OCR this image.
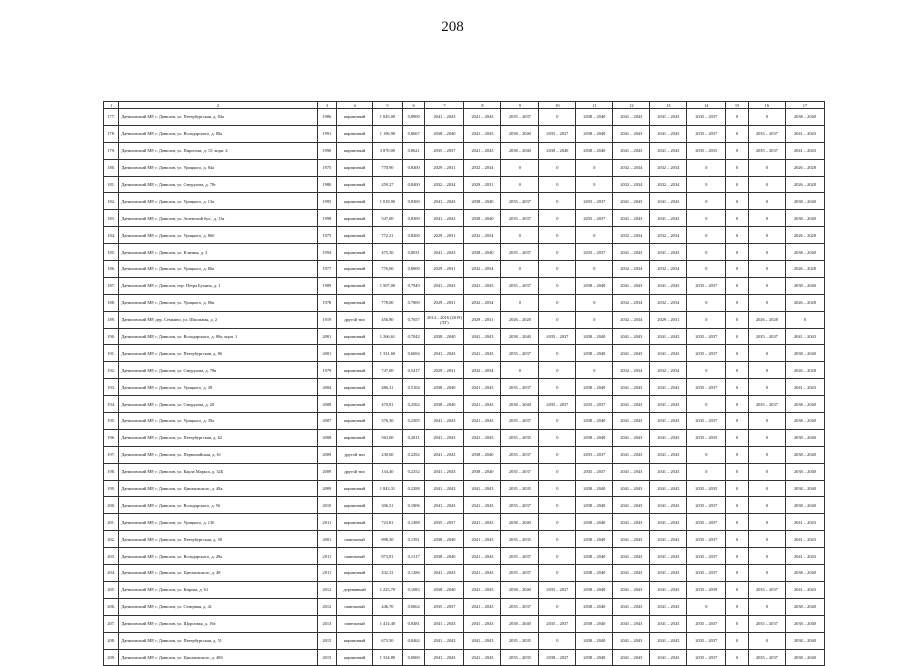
208
1	2	3	4	5	6	7	8	9	10	11	12	13	14	15	16	17
177.	Даниловский МР, г. Данилов, ул. Петербургская, д. 84а	1986	кирпичный	1 045,00	0,8900	2041 – 2043	2041 – 2043	2035 – 2037	0	2038 – 2040	2041 – 2043	2041 – 2043	2035 – 2037	0	0	2038 – 2040
178.	Даниловский МР, г. Данилов, ул. Володарского, д. 80а	1991	кирпичный	1 196,90	0,8667	2038 – 2040	2041 – 2043	2038 – 2040	2035 – 2037	2038 – 2040	2041 – 2043	2041 – 2043	2035 – 2037	0	2035 – 2037	2041 – 2043
179.	Даниловский МР, г. Данилов, ул. Пирогова, д. 15, корп. 2	1990	кирпичный	3 870,00	0,8621	2035 – 2037	2041 – 2043	2038 – 2040	2038 – 2040	2038 – 2040	2041 – 2043	2041 – 2043	2035 – 2035	0	2035 – 2037	2041 – 2043
180.	Даниловский МР, г. Данилов, ул. Урицкого, д. 84а	1975	кирпичный	770,90	0,8400	2029 – 2031	2032 – 2034	0	0	0	2032 – 2034	2032 – 2034	0	0	0	2026 – 2028
181.	Даниловский МР, г. Данилов, ул. Свердлова, д. 78г	1980	кирпичный	459,27	0,8400	2032 – 2034	2029 – 2031	0	0	0	2032 – 2034	2032 – 2034	0	0	0	2026 – 2028
182.	Даниловский МР, г. Данилов, ул. Урицкого, д. 13а	1995	кирпичный	1 018,90	0,8300	2041 – 2043	2038 – 2040	2035 – 2037	0	2035 – 2037	2041 – 2043	2041 – 2043	0	0	0	2038 – 2040
183.	Даниловский МР, г. Данилов, ул. Зеленский бул., д. 13а	1998	кирпичный	547,00	0,8300	2041 – 2043	2038 – 2040	2035 – 2037	0	2035 – 2037	2041 – 2043	2041 – 2043	0	0	0	2038 – 2040
184.	Даниловский МР, г. Данилов, ул. Урицкого, д. 86б	1975	кирпичный	772,21	0,8200	2029 – 2031	2032 – 2034	0	0	0	2032 – 2034	2032 – 2034	0	0	0	2026 – 2028
185.	Даниловский МР, г. Данилов, ул. Клизмы, д. 3	1994	кирпичный	475,30	0,8031	2041 – 2043	2038 – 2040	2035 – 2037	0	2035 – 2037	2041 – 2043	2041 – 2043	0	0	0	2038 – 2040
186.	Даниловский МР, г. Данилов, ул. Урицкого, д. 86а	1977	кирпичный	776,00	0,8000	2029 – 2031	2032 – 2034	0	0	0	2032 – 2034	2032 – 2034	0	0	0	2026 – 2028
187.	Даниловский МР, г. Данилов, пер. Петра Бухина, д. 1	1989	кирпичный	1 507,00	0,7949	2041 – 2043	2041 – 2043	2035 – 2037	0	2038 – 2040	2041 – 2043	2041 – 2043	2035 – 2037	0	0	2038 – 2040
188.	Даниловский МР, г. Данилов, ул. Урицкого, д. 86в	1978	кирпичный	778,00	0,7800	2029 – 2031	2032 – 2034	0	0	0	2032 – 2034	2032 – 2034	0	0	0	2026 – 2028
189.	Даниловский МР, дер. Семкино, ул. Школьная, д. 2	1919	другой тип	456,80	0,7657	2014 – 2016 (2019) (ЛГ)	2029 – 2031	2026 – 2028	0	0	2032 – 2034	2029 – 2031	0	0	2026 – 2028	0
190.	Даниловский МР, г. Данилов, ул. Володарского, д. 80а, корп. 1	2001	кирпичный	1 266,61	0,7042	2038 – 2040	2041 – 2043	2038 – 2040	2035 – 2037	2038 – 2040	2041 – 2043	2041 – 2043	2035 – 2037	0	2035 – 2037	2041 – 2043
191.	Даниловский МР, г. Данилов, ул. Петербургская, д. 86	2001	кирпичный	1 331,60	0,6694	2041 – 2043	2041 – 2043	2035 – 2037	0	2038 – 2040	2041 – 2043	2041 – 2043	2035 – 2037	0	0	2038 – 2040
192.	Даниловский МР, г. Данилов, ул. Свердлова, д. 78в	1979	кирпичный	747,00	0,5417	2029 – 2031	2032 – 2034	0	0	0	2032 – 2034	2032 – 2034	0	0	0	2026 – 2028
193.	Даниловский МР, г. Данилов, ул. Урицкого, д. 39	2004	кирпичный	486,31	0,5104	2038 – 2040	2041 – 2043	2035 – 2037	0	2038 – 2040	2041 – 2043	2041 – 2043	2035 – 2037	0	0	2041 – 2043
194.	Даниловский МР, г. Данилов, ул. Свердлова, д. 20	2008	кирпичный	470,81	0,2562	2038 – 2040	2041 – 2043	2038 – 2040	2035 – 2037	2035 – 2037	2041 – 2043	2041 – 2043	0	0	2035 – 2037	2038 – 2040
195.	Даниловский МР, г. Данилов, ул. Урицкого, д. 39а	2007	кирпичный	376,30	0,2305	2041 – 2043	2041 – 2043	2035 – 2037	0	2038 – 2040	2041 – 2043	2041 – 2043	2035 – 2037	0	0	2038 – 2040
196.	Даниловский МР, г. Данилов, ул. Петербургская, д. 62	2008	кирпичный	563,00	0,2811	2041 – 2043	2041 – 2043	2035 – 2035	0	2038 – 2040	2041 – 2043	2041 – 2043	2035 – 2035	0	0	2038 – 2040
197.	Даниловский МР, г. Данилов, ул. Первомайская, д. 61	2009	другой тип	230,60	0,2292	2041 – 2043	2038 – 2040	2035 – 2037	0	2035 – 2037	2041 – 2043	2041 – 2043	0	0	0	2038 – 2040
198.	Даниловский МР, г. Данилов, ул. Карла Маркса, д. 32Б	2009	другой тип	134,40	0,2252	2041 – 2043	2038 – 2040	2035 – 2037	0	2035 – 2037	2041 – 2043	2041 – 2043	0	0	0	2038 – 2040
199.	Даниловский МР, г. Данилов, ул. Циолковского, д. 48а	2009	кирпичный	1 843,31	0,2288	2041 – 2043	2041 – 2043	2035 – 2035	0	2038 – 2040	2041 – 2043	2041 – 2043	2035 – 2035	0	0	2038 – 2040
200.	Даниловский МР, г. Данилов, ул. Володарского, д. 56	2010	кирпичный	306,51	0,1806	2041 – 2043	2041 – 2043	2035 – 2037	0	2038 – 2040	2041 – 2043	2041 – 2043	2035 – 2037	0	0	2038 – 2040
201.	Даниловский МР, г. Данилов, ул. Урицкого, д. 13б	2011	кирпичный	723,81	0,1488	2035 – 2037	2041 – 2043	2038 – 2040	0	2038 – 2040	2041 – 2043	2041 – 2043	2035 – 2037	0	0	2041 – 2043
202.	Даниловский МР, г. Данилов, ул. Петербургская, д. 58	2001	панельный	898,30	0,1391	2038 – 2040	2041 – 2043	2035 – 2035	0	2038 – 2040	2041 – 2043	2041 – 2043	2035 – 2037	0	0	2041 – 2043
203.	Даниловский МР, г. Данилов, ул. Володарского, д. 49а	2011	панельный	873,81	0,1317	2038 – 2040	2041 – 2043	2035 – 2037	0	2038 – 2040	2041 – 2043	2041 – 2043	2035 – 2037	0	0	2041 – 2043
204.	Даниловский МР, г. Данилов, ул. Циолковского, д. 48	2011	кирпичный	432,31	0,1286	2041 – 2043	2041 – 2043	2035 – 2037	0	2038 – 2040	2041 – 2043	2041 – 2043	2035 – 2037	0	0	2038 – 2040
205.	Даниловский МР, г. Данилов, ул. Кирова, д. 61	2012	деревянный	1 225,70	0,1083	2038 – 2040	2041 – 2043	2038 – 2040	2035 – 2037	2038 – 2040	2041 – 2043	2041 – 2043	2035 – 2039	0	2035 – 2037	2041 – 2043
206.	Даниловский МР, г. Данилов, ул. Северная, д. 41	2012	панельный	446,70	0,0662	2035 – 2037	2041 – 2043	2035 – 2037	0	2038 – 2040	2041 – 2043	2041 – 2043	0	0	0	2038 – 2040
207.	Даниловский МР, г. Данилов, ул. Щорсовая, д. 19а	2013	панельный	1 414,40	0,0481	2041 – 2043	2041 – 2043	2038 – 2040	2035 – 2037	2038 – 2040	2041 – 2043	2041 – 2043	2035 – 2037	0	2035 – 2037	2038 – 2040
208.	Даниловский МР, г. Данилов, ул. Петербургская, д. 51	2015	кирпичный	673,50	0,0462	2041 – 2043	2041 – 2043	2035 – 2035	0	2038 – 2040	2041 – 2043	2041 – 2043	2035 – 2037	0	0	2038 – 2040
209.	Даниловский МР, г. Данилов, ул. Циолковского, д. 48б	2015	кирпичный	1 334,80	0,0000	2041 – 2043	2041 – 2043	2035 – 2035	2038 – 2037	2038 – 2040	2041 – 2043	2041 – 2043	2035 – 2037	0	2035 – 2037	2038 – 2040
